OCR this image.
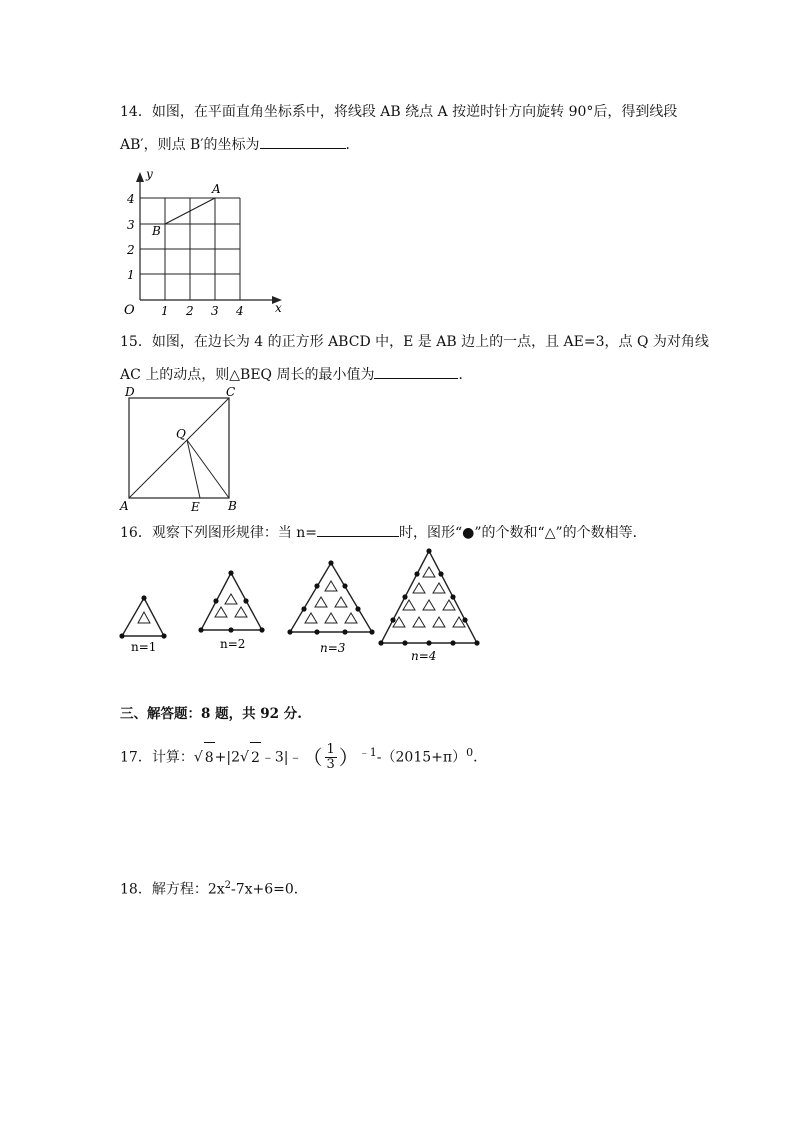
14．如图，在平面直角坐标系中，将线段 AB 绕点 A 按逆时针方向旋转 90°后，得到线段
AB′，则点 B′的坐标为	．
y
x
O 1 2 3 4
1
2
3
4
A
B
15．如图，在边长为 4 的正方形 ABCD 中，E 是 AB 边上的一点，且 AE=3，点 Q 为对角线
AC 上的动点，则△BEQ 周长的最小值为	．
D	C
A	B
E
Q
16．观察下列图形规律：当 n=	时，图形“●”的个数和“△”的个数相等．
n=1	n=2	n=3
n=4
三、解答题：8 题，共 92 分.
17．计算：√ 8+|2√ 2﹣3|﹣（ $\frac{1}{3} )^{﹣1}-(2015+\pi)^0$．
18．解方程：$2x^2-7x+6=0$．
